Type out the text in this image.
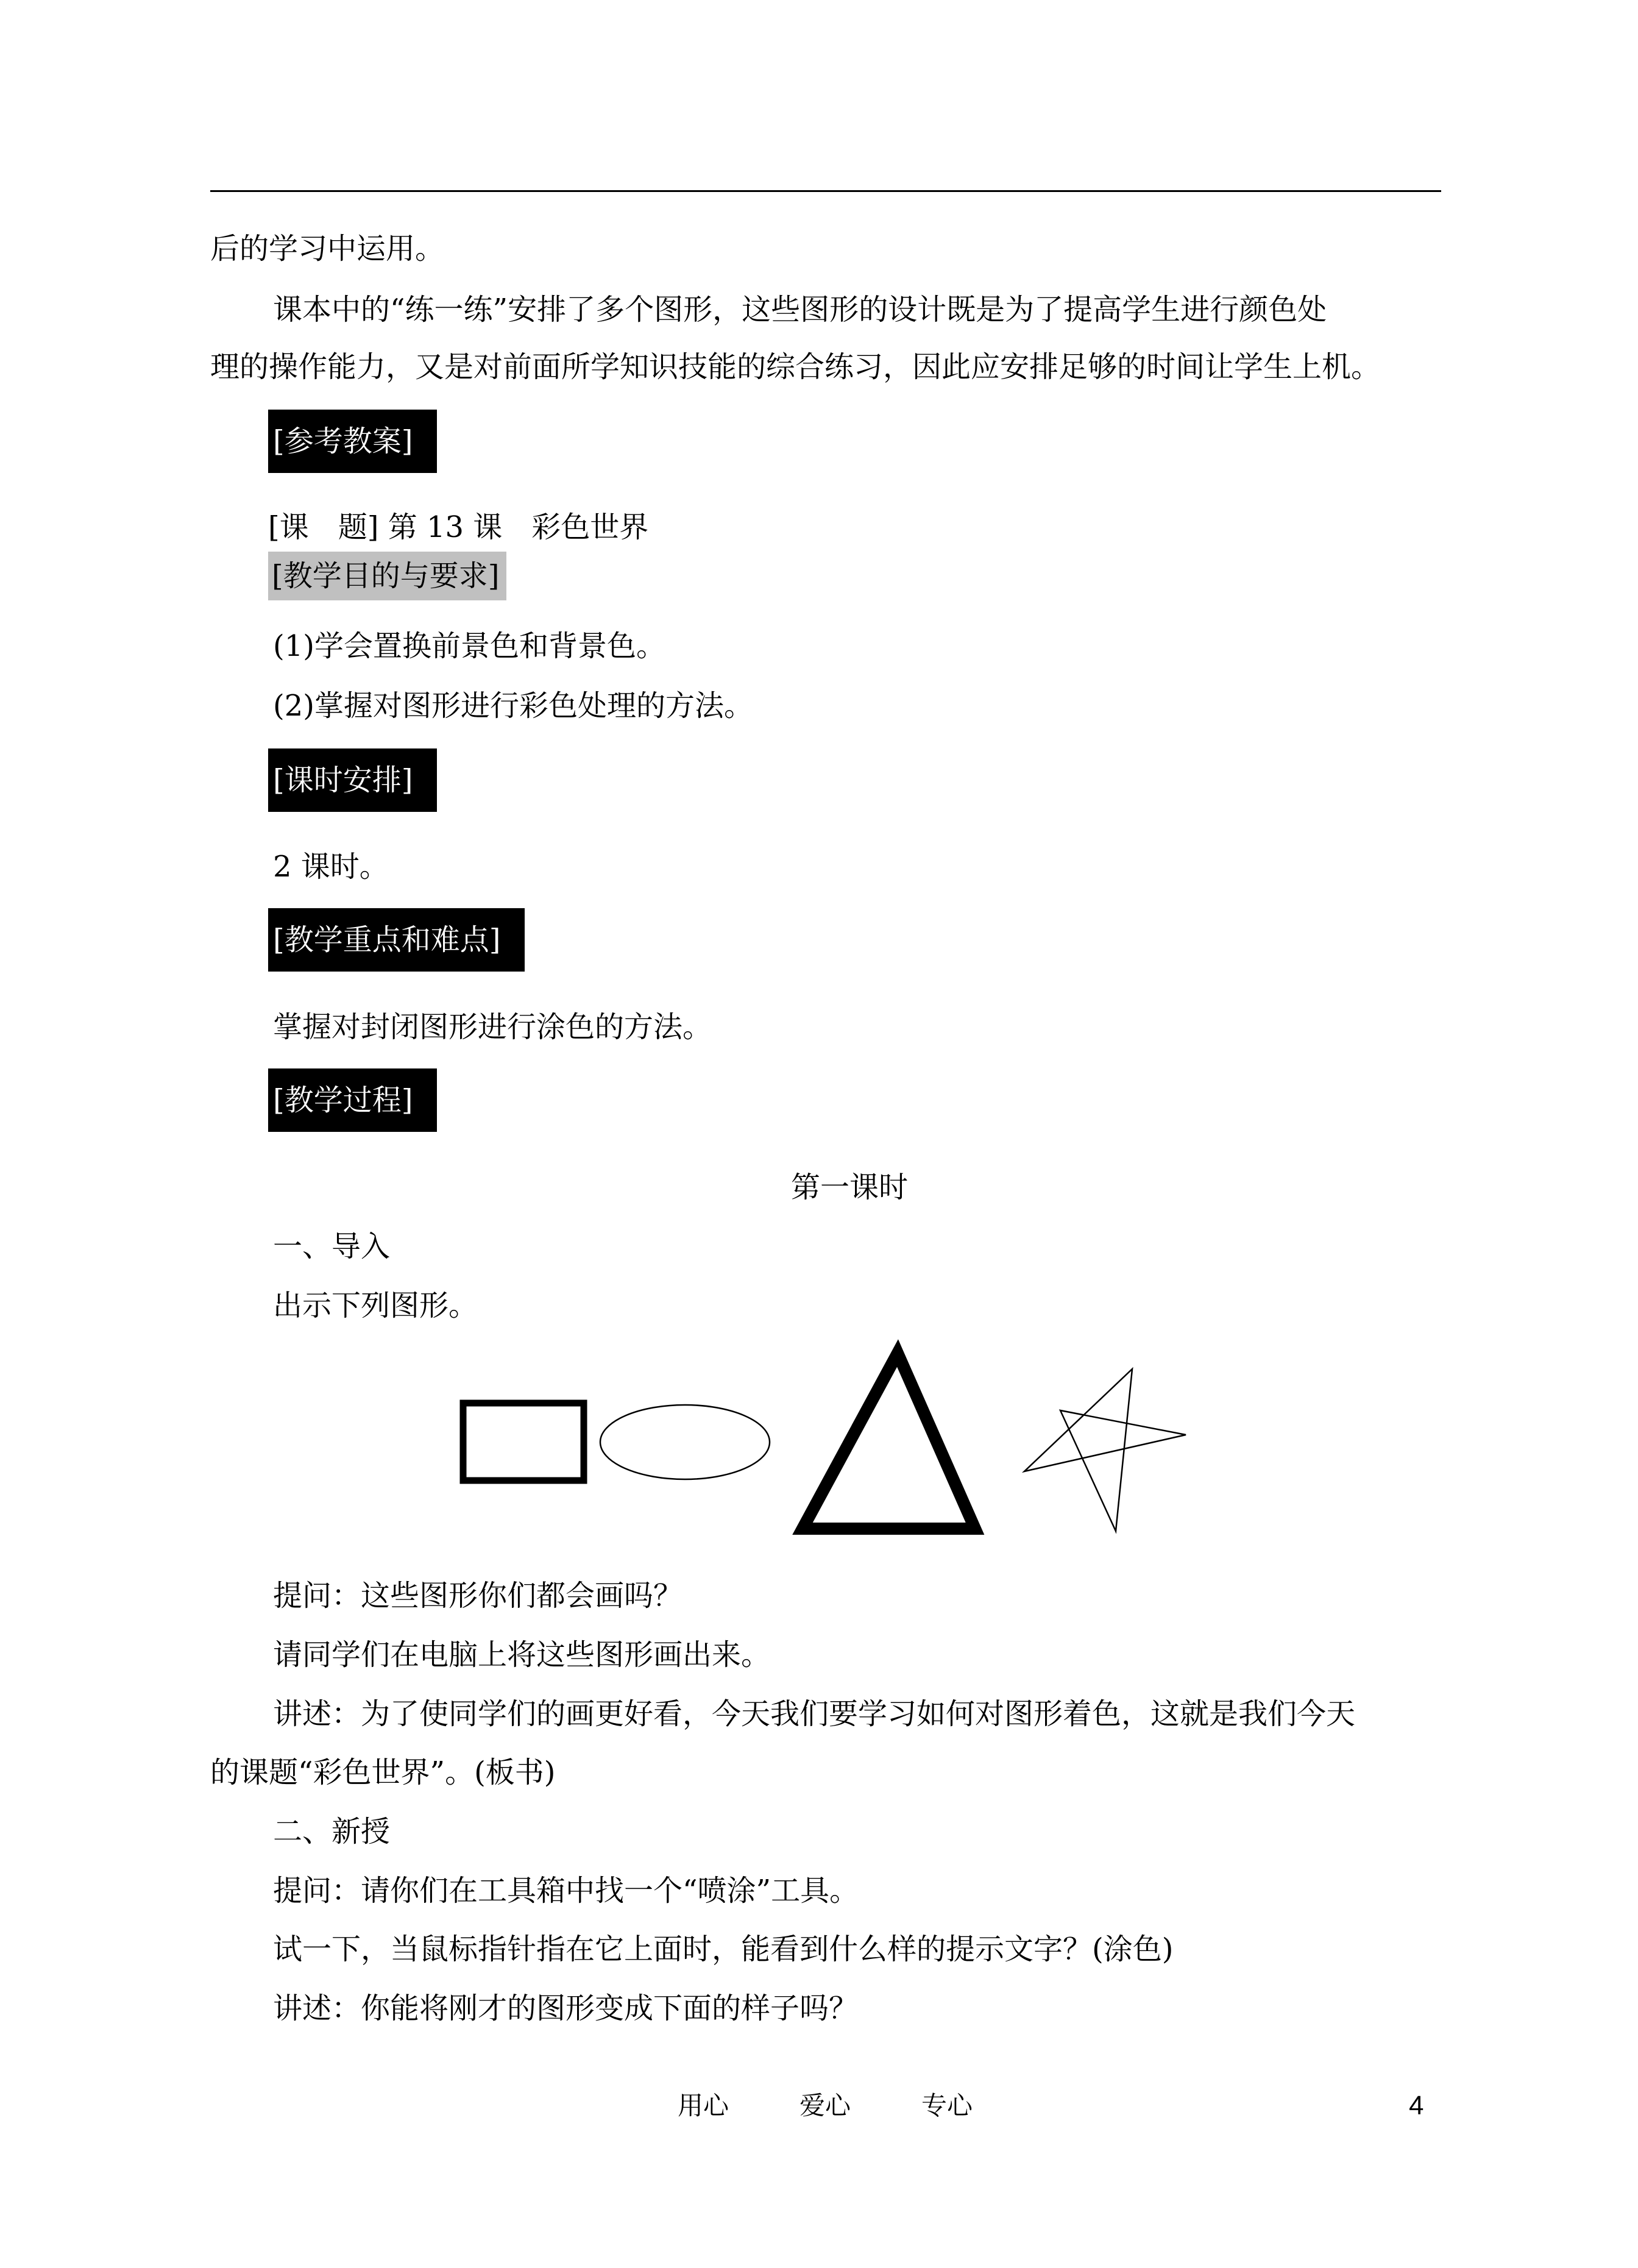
后的学习中运用。
课本中的“练一练”安排了多个图形，这些图形的设计既是为了提高学生进行颜色处
理的操作能力，又是对前面所学知识技能的综合练习，因此应安排足够的时间让学生上机。
[参考教案]
[课　题] 第 13 课　彩色世界
[教学目的与要求]
(1)学会置换前景色和背景色。
(2)掌握对图形进行彩色处理的方法。
[课时安排]
2 课时。
[教学重点和难点]
掌握对封闭图形进行涂色的方法。
[教学过程]
第一课时
一、导入
出示下列图形。
提问：这些图形你们都会画吗？
请同学们在电脑上将这些图形画出来。
讲述：为了使同学们的画更好看，今天我们要学习如何对图形着色，这就是我们今天
的课题“彩色世界”。(板书)
二、新授
提问：请你们在工具箱中找一个“喷涂”工具。
试一下，当鼠标指针指在它上面时，能看到什么样的提示文字？(涂色)
讲述：你能将刚才的图形变成下面的样子吗？
用心	爱心	专心	4
